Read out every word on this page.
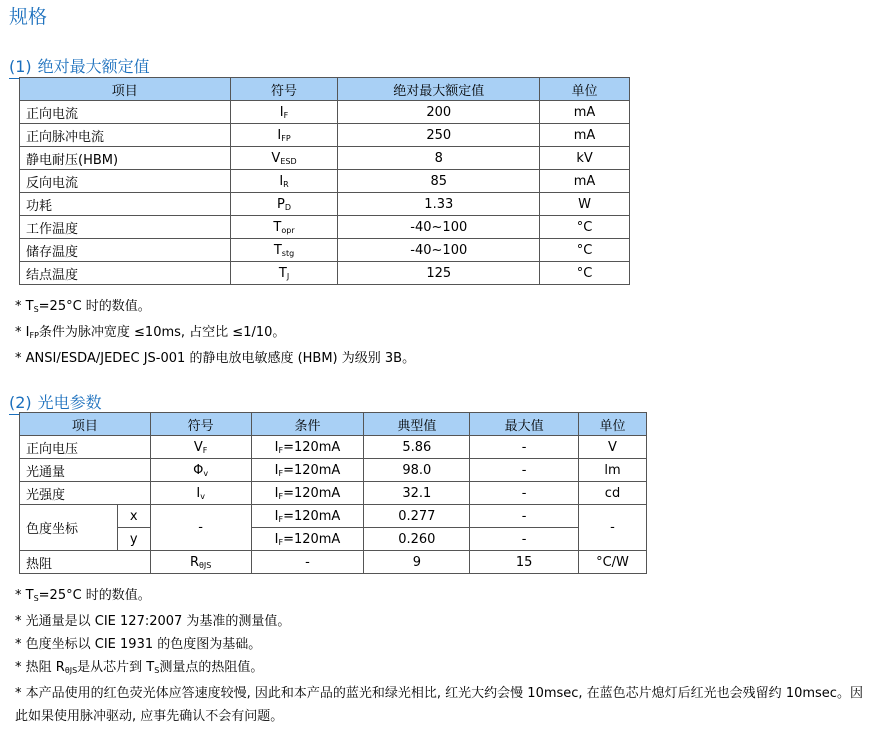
规格
(1) 绝对最大额定值
项目	符号	绝对最大额定值	单位
正向电流	$I_F$	200	mA
正向脉冲电流	$I_{FP}$	250	mA
静电耐压(HBM)	$V_{ESD}$	8	kV
反向电流	$I_R$	85	mA
功耗	$P_D$	1.33	W
工作温度	$T_{opr}$	-40~100	°C
储存温度	$T_{stg}$	-40~100	°C
结点温度	$T_J$	125	°C
* $T_S=25^\circ C$ 时的数值。
* $I_{FP}$条件为脉冲宽度 ≤10ms, 占空比 ≤1/10。
* ANSI/ESDA/JEDEC JS-001 的静电放电敏感度 (HBM) 为级别 3B。
(2) 光电参数
项目		符号	条件	典型值	最大值	单位
正向电压		$V_F$	$I_F=120mA$	5.86	-	V
光通量		$\Phi_v$	$I_F=120mA$	98.0	-	lm
光强度		$I_v$	$I_F=120mA$	32.1	-	cd
色度坐标	x	-	$I_F=120mA$	0.277	-	-
	y		$I_F=120mA$	0.260	-	
热阻		$R_{\theta JS}$	-	9	15	°C/W
* $T_S=25^\circ C$ 时的数值。
* 光通量是以 CIE 127:2007 为基准的测量值。
* 色度坐标以 CIE 1931 的色度图为基础。
* 热阻 $R_{\theta JS}$是从芯片到 $T_S$测量点的热阻值。
* 本产品使用的红色荧光体应答速度较慢, 因此和本产品的蓝光和绿光相比, 红光大约会慢 10msec, 在蓝色芯片熄灯后红光也会残留约 10msec。因此如果使用脉冲驱动, 应事先确认不会有问题。
